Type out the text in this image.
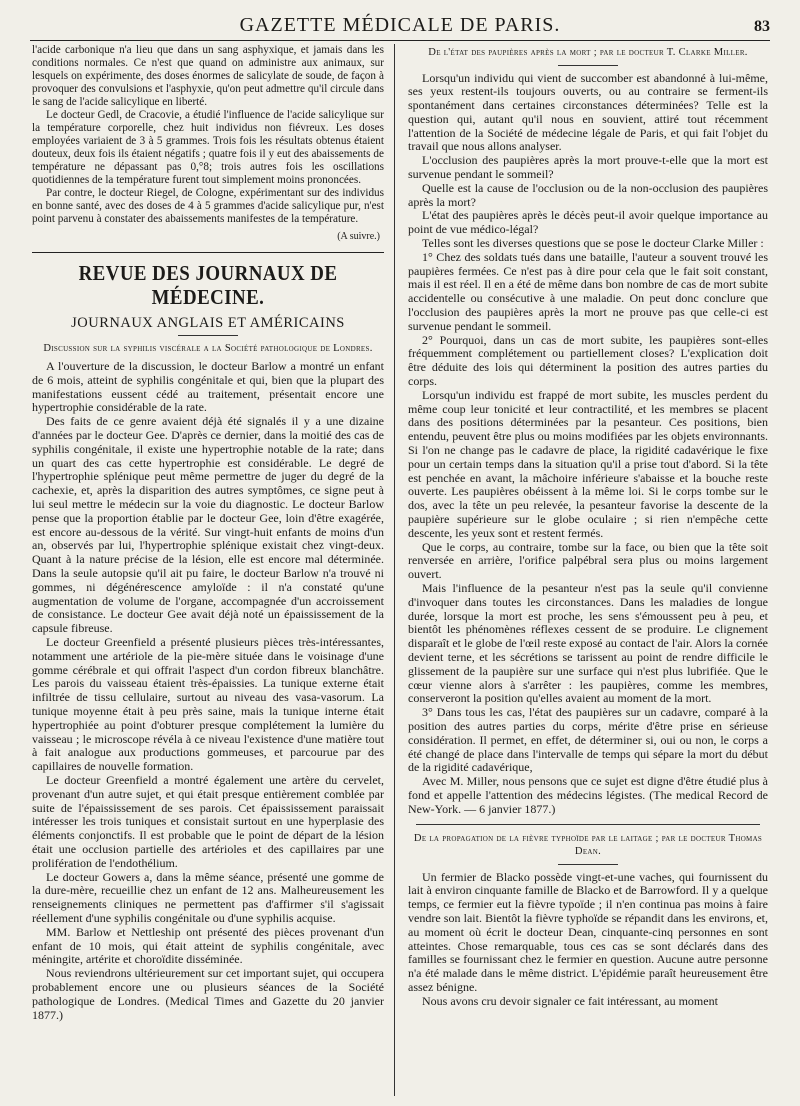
GAZETTE MÉDICALE DE PARIS.	83

l'acide carbonique n'a lieu que dans un sang asphyxique, et jamais dans les conditions normales. Ce n'est que quand on administre aux animaux, sur lesquels on expérimente, des doses énormes de salicylate de soude, de façon à provoquer des convulsions et l'asphyxie, qu'on peut admettre qu'il circule dans le sang de l'acide salicylique en liberté.

Le docteur Gedl, de Cracovie, a étudié l'influence de l'acide salicylique sur la température corporelle, chez huit individus non fiévreux. Les doses employées variaient de 3 à 5 grammes. Trois fois les résultats obtenus étaient douteux, deux fois ils étaient négatifs ; quatre fois il y eut des abaissements de température ne dépassant pas 0,°8; trois autres fois les oscillations quotidiennes de la température furent tout simplement moins prononcées.

Par contre, le docteur Riegel, de Cologne, expérimentant sur des individus en bonne santé, avec des doses de 4 à 5 grammes d'acide salicylique pur, n'est point parvenu à constater des abaissements manifestes de la température.

(A suivre.)
REVUE DES JOURNAUX DE MÉDECINE.
JOURNAUX ANGLAIS ET AMÉRICAINS
Discussion sur la syphilis viscérale a la Société pathologique de Londres.

A l'ouverture de la discussion, le docteur Barlow a montré un enfant de 6 mois, atteint de syphilis congénitale et qui, bien que la plupart des manifestations eussent cédé au traitement, présentait encore une hypertrophie considérable de la rate.

Des faits de ce genre avaient déjà été signalés il y a une dizaine d'années par le docteur Gee. D'après ce dernier, dans la moitié des cas de syphilis congénitale, il existe une hypertrophie notable de la rate; dans un quart des cas cette hypertrophie est considérable. Le degré de l'hypertrophie splénique peut même permettre de juger du degré de la cachexie, et, après la disparition des autres symptômes, ce signe peut à lui seul mettre le médecin sur la voie du diagnostic. Le docteur Barlow pense que la proportion établie par le docteur Gee, loin d'être exagérée, est encore au-dessous de la vérité. Sur vingt-huit enfants de moins d'un an, observés par lui, l'hypertrophie splénique existait chez vingt-deux. Quant à la nature précise de la lésion, elle est encore mal déterminée. Dans la seule autopsie qu'il ait pu faire, le docteur Barlow n'a trouvé ni gommes, ni dégénérescence amyloïde : il n'a constaté qu'une augmentation de volume de l'organe, accompagnée d'un accroissement de consistance. Le docteur Gee avait déjà noté un épaississement de la capsule fibreuse.

Le docteur Greenfield a présenté plusieurs pièces très-intéressantes, notamment une artériole de la pie-mère située dans le voisinage d'une gomme cérébrale et qui offrait l'aspect d'un cordon fibreux blanchâtre. Les parois du vaisseau étaient très-épaissies. La tunique externe était infiltrée de tissu cellulaire, surtout au niveau des vasa-vasorum. La tunique moyenne était à peu près saine, mais la tunique interne était hypertrophiée au point d'obturer presque complétement la lumière du vaisseau ; le microscope révéla à ce niveau l'existence d'une matière tout à fait analogue aux productions gommeuses, et parcourue par des capillaires de nouvelle formation.

Le docteur Greenfield a montré également une artère du cervelet, provenant d'un autre sujet, et qui était presque entièrement comblée par suite de l'épaississement de ses parois. Cet épaississement paraissait intéresser les trois tuniques et consistait surtout en une hyperplasie des éléments conjonctifs. Il est probable que le point de départ de la lésion était une occlusion partielle des artérioles et des capillaires par une prolifération de l'endothélium.

Le docteur Gowers a, dans la même séance, présenté une gomme de la dure-mère, recueillie chez un enfant de 12 ans. Malheureusement les renseignements cliniques ne permettent pas d'affirmer s'il s'agissait réellement d'une syphilis congénitale ou d'une syphilis acquise.

MM. Barlow et Nettleship ont présenté des pièces provenant d'un enfant de 10 mois, qui était atteint de syphilis congénitale, avec méningite, artérite et choroïdite disséminée.

Nous reviendrons ultérieurement sur cet important sujet, qui occupera probablement encore une ou plusieurs séances de la Société pathologique de Londres. (Medical Times and Gazette du 20 janvier 1877.)

De l'état des paupières après la mort ; par le docteur T. Clarke Miller.

Lorsqu'un individu qui vient de succomber est abandonné à lui-même, ses yeux restent-ils toujours ouverts, ou au contraire se ferment-ils spontanément dans certaines circonstances déterminées? Telle est la question qui, autant qu'il nous en souvient, attiré tout récemment l'attention de la Société de médecine légale de Paris, et qui fait l'objet du travail que nous allons analyser.

L'occlusion des paupières après la mort prouve-t-elle que la mort est survenue pendant le sommeil?

Quelle est la cause de l'occlusion ou de la non-occlusion des paupières après la mort?

L'état des paupières après le décès peut-il avoir quelque importance au point de vue médico-légal?

Telles sont les diverses questions que se pose le docteur Clarke Miller :

1° Chez des soldats tués dans une bataille, l'auteur a souvent trouvé les paupières fermées. Ce n'est pas à dire pour cela que le fait soit constant, mais il est réel. Il en a été de même dans bon nombre de cas de mort subite accidentelle ou consécutive à une maladie. On peut donc conclure que l'occlusion des paupières après la mort ne prouve pas que celle-ci est survenue pendant le sommeil.

2° Pourquoi, dans un cas de mort subite, les paupières sont-elles fréquemment complétement ou partiellement closes? L'explication doit être déduite des lois qui déterminent la position des autres parties du corps.

Lorsqu'un individu est frappé de mort subite, les muscles perdent du même coup leur tonicité et leur contractilité, et les membres se placent dans des positions déterminées par la pesanteur. Ces positions, bien entendu, peuvent être plus ou moins modifiées par les objets environnants. Si l'on ne change pas le cadavre de place, la rigidité cadavérique le fixe pour un certain temps dans la situation qu'il a prise tout d'abord. Si la tête est penchée en avant, la mâchoire inférieure s'abaisse et la bouche reste ouverte. Les paupières obéissent à la même loi. Si le corps tombe sur le dos, avec la tête un peu relevée, la pesanteur favorise la descente de la paupière supérieure sur le globe oculaire ; si rien n'empêche cette descente, les yeux sont et restent fermés.

Que le corps, au contraire, tombe sur la face, ou bien que la tête soit renversée en arrière, l'orifice palpébral sera plus ou moins largement ouvert.

Mais l'influence de la pesanteur n'est pas la seule qu'il convienne d'invoquer dans toutes les circonstances. Dans les maladies de longue durée, lorsque la mort est proche, les sens s'émoussent peu à peu, et bientôt les phénomènes réflexes cessent de se produire. Le clignement disparaît et le globe de l'œil reste exposé au contact de l'air. Alors la cornée devient terne, et les sécrétions se tarissent au point de rendre difficile le glissement de la paupière sur une surface qui n'est plus lubrifiée. Que le cœur vienne alors à s'arrêter : les paupières, comme les membres, conserveront la position qu'elles avaient au moment de la mort.

3° Dans tous les cas, l'état des paupières sur un cadavre, comparé à la position des autres parties du corps, mérite d'être prise en sérieuse considération. Il permet, en effet, de déterminer si, oui ou non, le corps a été changé de place dans l'intervalle de temps qui sépare la mort du début de la rigidité cadavérique,

Avec M. Miller, nous pensons que ce sujet est digne d'être étudié plus à fond et appelle l'attention des médecins légistes. (The medical Record de New-York. — 6 janvier 1877.)

De la propagation de la fièvre typhoïde par le laitage ; par le docteur Thomas Dean.

Un fermier de Blacko possède vingt-et-une vaches, qui fournissent du lait à environ cinquante famille de Blacko et de Barrowford. Il y a quelque temps, ce fermier eut la fièvre typoïde ; il n'en continua pas moins à faire vendre son lait. Bientôt la fièvre typhoïde se répandit dans les environs, et, au moment où écrit le docteur Dean, cinquante-cinq personnes en sont atteintes. Chose remarquable, tous ces cas se sont déclarés dans des familles se fournissant chez le fermier en question. Aucune autre personne n'a été malade dans le même district. L'épidémie paraît heureusement être assez bénigne.

Nous avons cru devoir signaler ce fait intéressant, au moment
